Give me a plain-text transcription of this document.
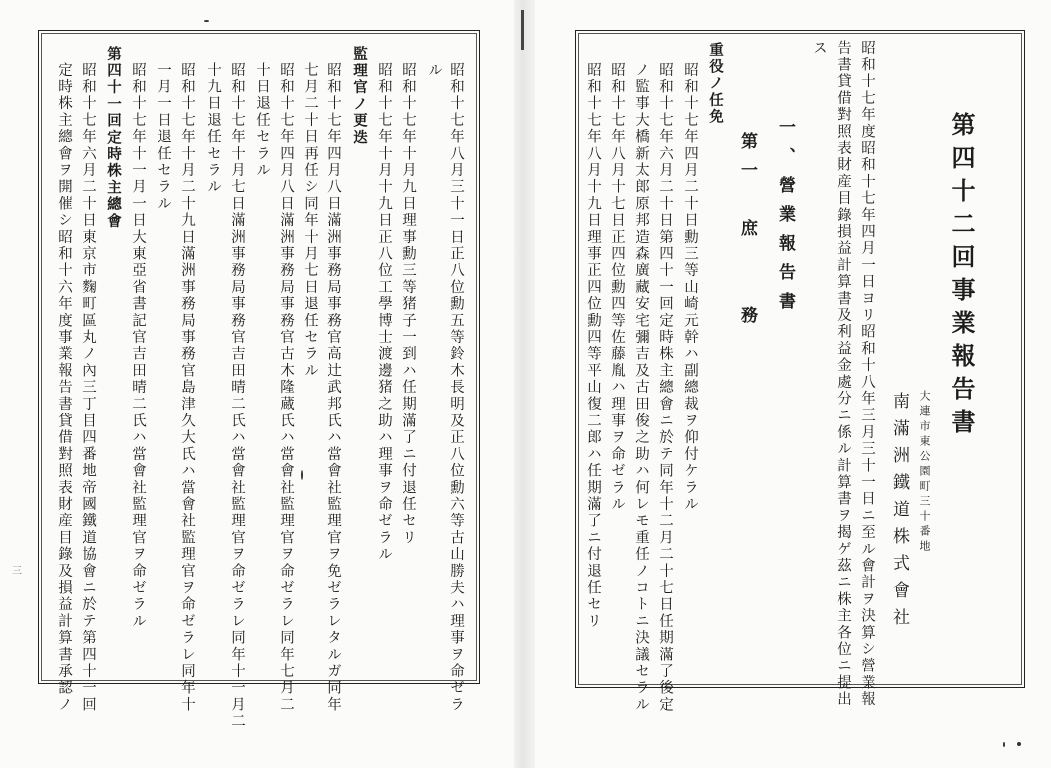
三	昭和十七年八月三十一日正八位勳五等鈴木長明及正八位勳六等古山勝夫ハ理事ヲ命ゼラ
ル
昭和十七年十月九日理事勳三等猪子一到ハ任期滿了ニ付退任セリ
昭和十七年十月十九日正八位工學博士渡邊猪之助ハ理事ヲ命ゼラル
監理官ノ更迭
昭和十七年四月八日滿洲事務局事務官高辻武邦氏ハ當會社監理官ヲ免ゼラレタルガ同年
七月二十日再任シ同年十月七日退任セラル
昭和十七年四月八日滿洲事務局事務官古木隆蔵氏ハ當會社監理官ヲ命ゼラレ同年七月二
十日退任セラル
昭和十七年十月七日滿洲事務局事務官吉田晴二氏ハ當會社監理官ヲ命ゼラレ同年十一月二
十九日退任セラル
昭和十七年十月二十九日滿洲事務局事務官島津久大氏ハ當會社監理官ヲ命ゼラレ同年十
一月一日退任セラル
昭和十七年十一月一日大東亞省書記官吉田晴二氏ハ當會社監理官ヲ命ゼラル
第四十一回定時株主總會
昭和十七年六月二十日東京市麴町區丸ノ內三丁目四番地帝國鐵道協會ニ於テ第四十一回
定時株主總會ヲ開催シ昭和十六年度事業報告書貸借對照表財産目錄及損益計算書承認ノ	第四十二回事業報告書
大連市東公園町三十番地
南滿洲鐵道株式會社
昭和十七年度昭和十七年四月一日ヨリ昭和十八年三月三十一日ニ至ル會計ヲ決算シ營業報
告書貸借對照表財産目錄損益計算書及利益金處分ニ係ル計算書ヲ揭ゲ茲ニ株主各位ニ提出
ス
一、營業報告書
第一　庶　　務
重役ノ任免
昭和十七年四月二十日勳三等山崎元幹ハ副總裁ヲ仰付ケラル
昭和十七年六月二十日第四十一回定時株主總會ニ於テ同年十二月二十七日任期滿了後定
ノ監事大橋新太郎原邦造森廣藏安宅彌吉及古田俊之助ハ何レモ重任ノコトニ決議セラル
昭和十七年八月十七日正四位勳四等佐藤胤ハ理事ヲ命ゼラル
昭和十七年八月十九日理事正四位勳四等平山復二郎ハ任期滿了ニ付退任セリ
